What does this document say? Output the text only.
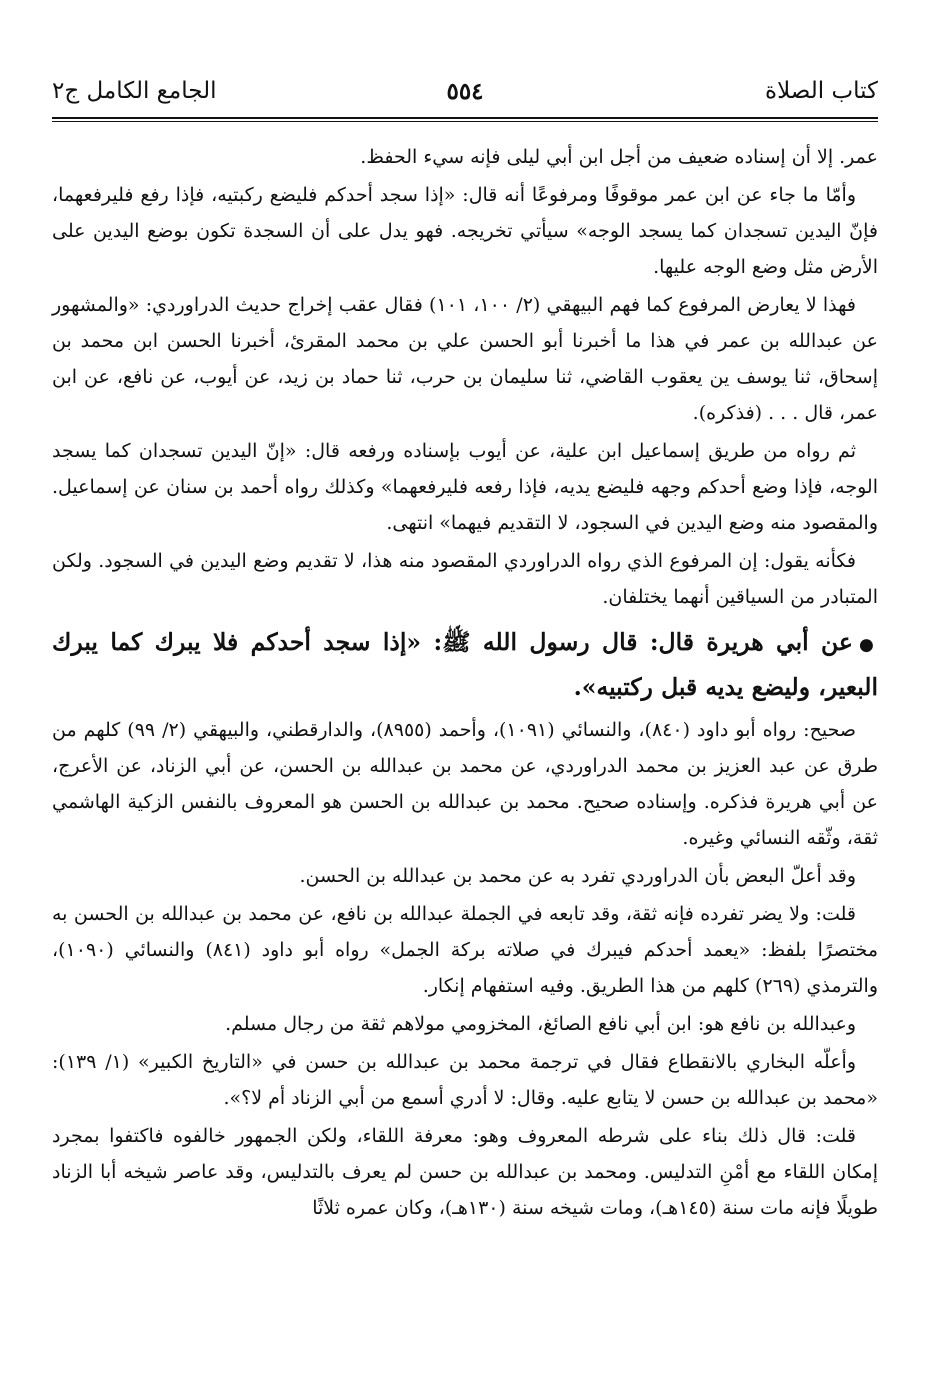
كتاب الصلاة
٥٥٤
الجامع الكامل ج٢

عمر. إلا أن إسناده ضعيف من أجل ابن أبي ليلى فإنه سيء الحفظ.

وأمّا ما جاء عن ابن عمر موقوفًا ومرفوعًا أنه قال: «إذا سجد أحدكم فليضع ركبتيه، فإذا رفع فليرفعهما، فإنّ اليدين تسجدان كما يسجد الوجه» سيأتي تخريجه. فهو يدل على أن السجدة تكون بوضع اليدين على الأرض مثل وضع الوجه عليها.

فهذا لا يعارض المرفوع كما فهم البيهقي (٢/ ١٠٠، ١٠١) فقال عقب إخراج حديث الدراوردي: «والمشهور عن عبدالله بن عمر في هذا ما أخبرنا أبو الحسن علي بن محمد المقرئ، أخبرنا الحسن ابن محمد بن إسحاق، ثنا يوسف ين يعقوب القاضي، ثنا سليمان بن حرب، ثنا حماد بن زيد، عن أيوب، عن نافع، عن ابن عمر، قال . . . (فذكره).

ثم رواه من طريق إسماعيل ابن علية، عن أيوب بإسناده ورفعه قال: «إنّ اليدين تسجدان كما يسجد الوجه، فإذا وضع أحدكم وجهه فليضع يديه، فإذا رفعه فليرفعهما» وكذلك رواه أحمد بن سنان عن إسماعيل. والمقصود منه وضع اليدين في السجود، لا التقديم فيهما» انتهى.

فكأنه يقول: إن المرفوع الذي رواه الدراوردي المقصود منه هذا، لا تقديم وضع اليدين في السجود. ولكن المتبادر من السياقين أنهما يختلفان.

●عن أبي هريرة قال: قال رسول الله ﷺ: «إذا سجد أحدكم فلا يبرك كما يبرك البعير، وليضع يديه قبل ركتبيه».

صحيح: رواه أبو داود (٨٤٠)، والنسائي (١٠٩١)، وأحمد (٨٩٥٥)، والدارقطني، والبيهقي (٢/ ٩٩) كلهم من طرق عن عبد العزيز بن محمد الدراوردي، عن محمد بن عبدالله بن الحسن، عن أبي الزناد، عن الأعرج، عن أبي هريرة فذكره. وإسناده صحيح. محمد بن عبدالله بن الحسن هو المعروف بالنفس الزكية الهاشمي ثقة، وثّقه النسائي وغيره.

وقد أعلّ البعض بأن الدراوردي تفرد به عن محمد بن عبدالله بن الحسن.

قلت: ولا يضر تفرده فإنه ثقة، وقد تابعه في الجملة عبدالله بن نافع، عن محمد بن عبدالله بن الحسن به مختصرًا بلفظ: «يعمد أحدكم فيبرك في صلاته بركة الجمل» رواه أبو داود (٨٤١) والنسائي (١٠٩٠)، والترمذي (٢٦٩) كلهم من هذا الطريق. وفيه استفهام إنكار.

وعبدالله بن نافع هو: ابن أبي نافع الصائغ، المخزومي مولاهم ثقة من رجال مسلم.

وأعلّه البخاري بالانقطاع فقال في ترجمة محمد بن عبدالله بن حسن في «التاريخ الكبير» (١/ ١٣٩): «محمد بن عبدالله بن حسن لا يتابع عليه. وقال: لا أدري أسمع من أبي الزناد أم لا؟».

قلت: قال ذلك بناء على شرطه المعروف وهو: معرفة اللقاء، ولكن الجمهور خالفوه فاكتفوا بمجرد إمكان اللقاء مع أمْنِ التدليس. ومحمد بن عبدالله بن حسن لم يعرف بالتدليس، وقد عاصر شيخه أبا الزناد طويلًا فإنه مات سنة (١٤٥هـ)، ومات شيخه سنة (١٣٠هـ)، وكان عمره ثلاثًا
